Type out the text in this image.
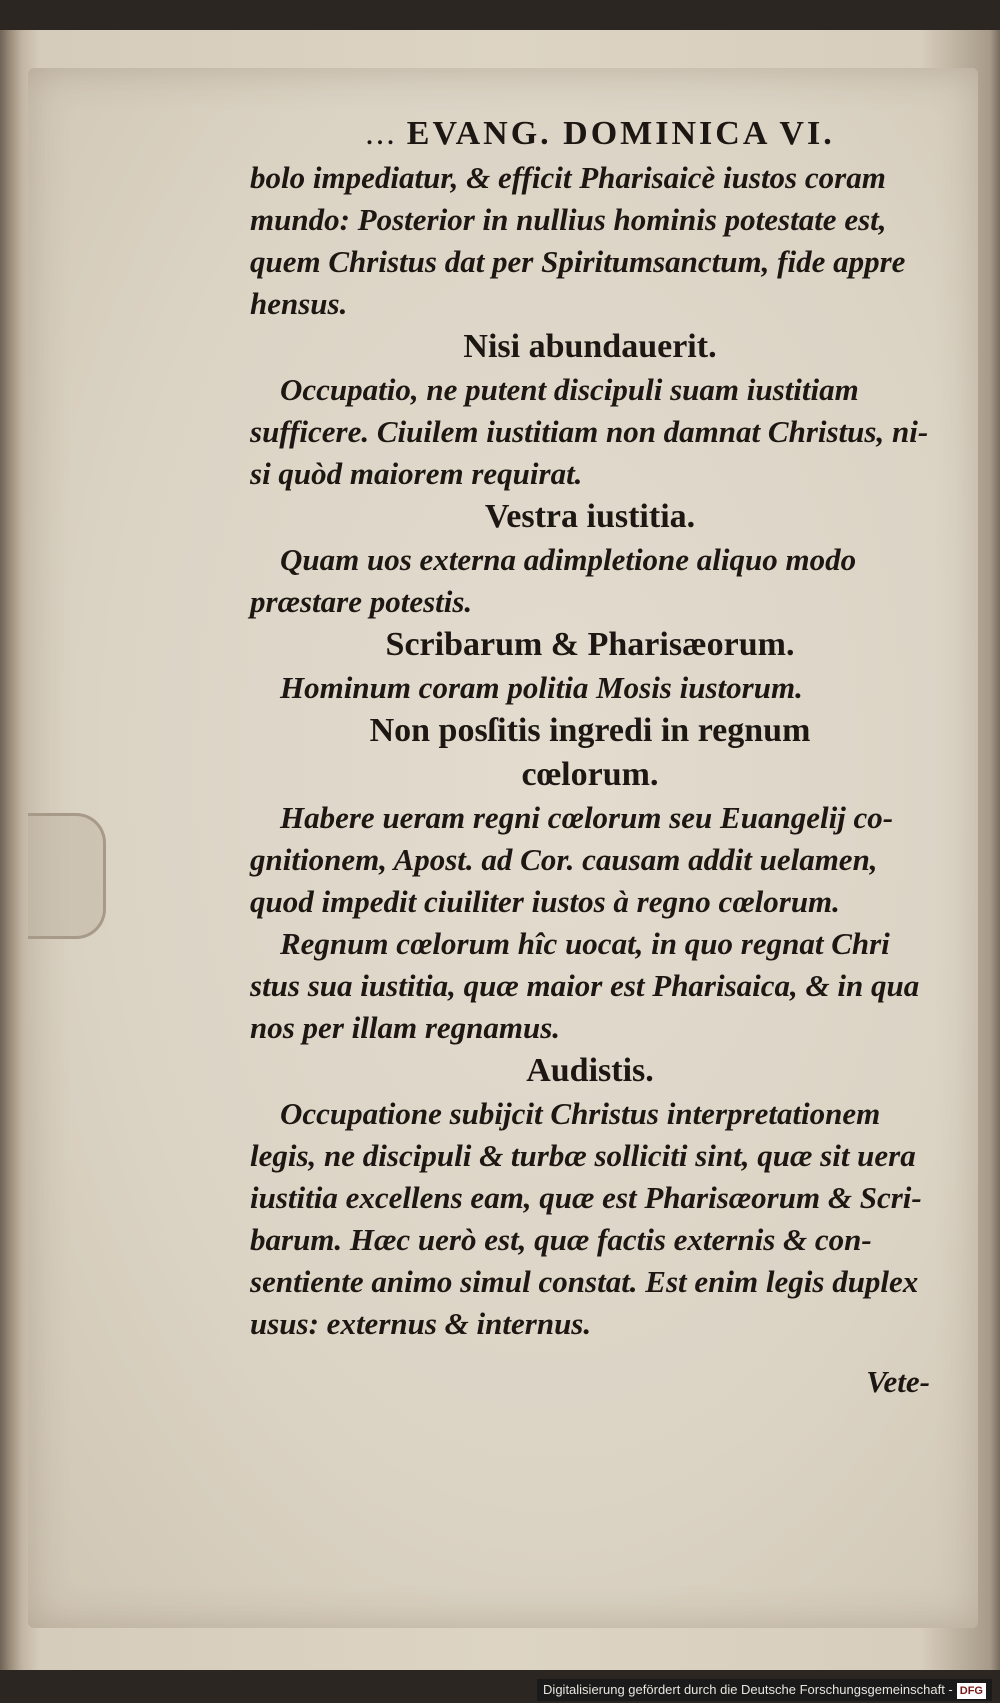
... EVANG. DOMINICA VI.
bolo impediatur, & efficit Pharisaicè iustos coram
mundo: Posterior in nullius hominis potestate est,
quem Christus dat per Spiritumsanctum, fide appre
hensus.
Nisi abundauerit.
Occupatio, ne putent discipuli suam iustitiam
sufficere. Ciuilem iustitiam non damnat Christus, ni-
si quòd maiorem requirat.
Vestra iustitia.
Quam uos externa adimpletione aliquo modo
præstare potestis.
Scribarum & Pharisæorum.
Hominum coram politia Mosis iustorum.
Non posſitis ingredi in regnum
cœlorum.
Habere ueram regni cœlorum seu Euangelij co-
gnitionem, Apost. ad Cor. causam addit uelamen,
quod impedit ciuiliter iustos à regno cœlorum.
Regnum cœlorum hîc uocat, in quo regnat Chri
stus sua iustitia, quæ maior est Pharisaica, & in qua
nos per illam regnamus.
Audistis.
Occupatione subijcit Christus interpretationem
legis, ne discipuli & turbæ solliciti sint, quæ sit uera
iustitia excellens eam, quæ est Pharisæorum & Scri-
barum. Hæc uerò est, quæ factis externis & con-
sentiente animo simul constat. Est enim legis duplex
usus: externus & internus.
Vete-
Digitalisierung gefördert durch die Deutsche Forschungsgemeinschaft - DFG
